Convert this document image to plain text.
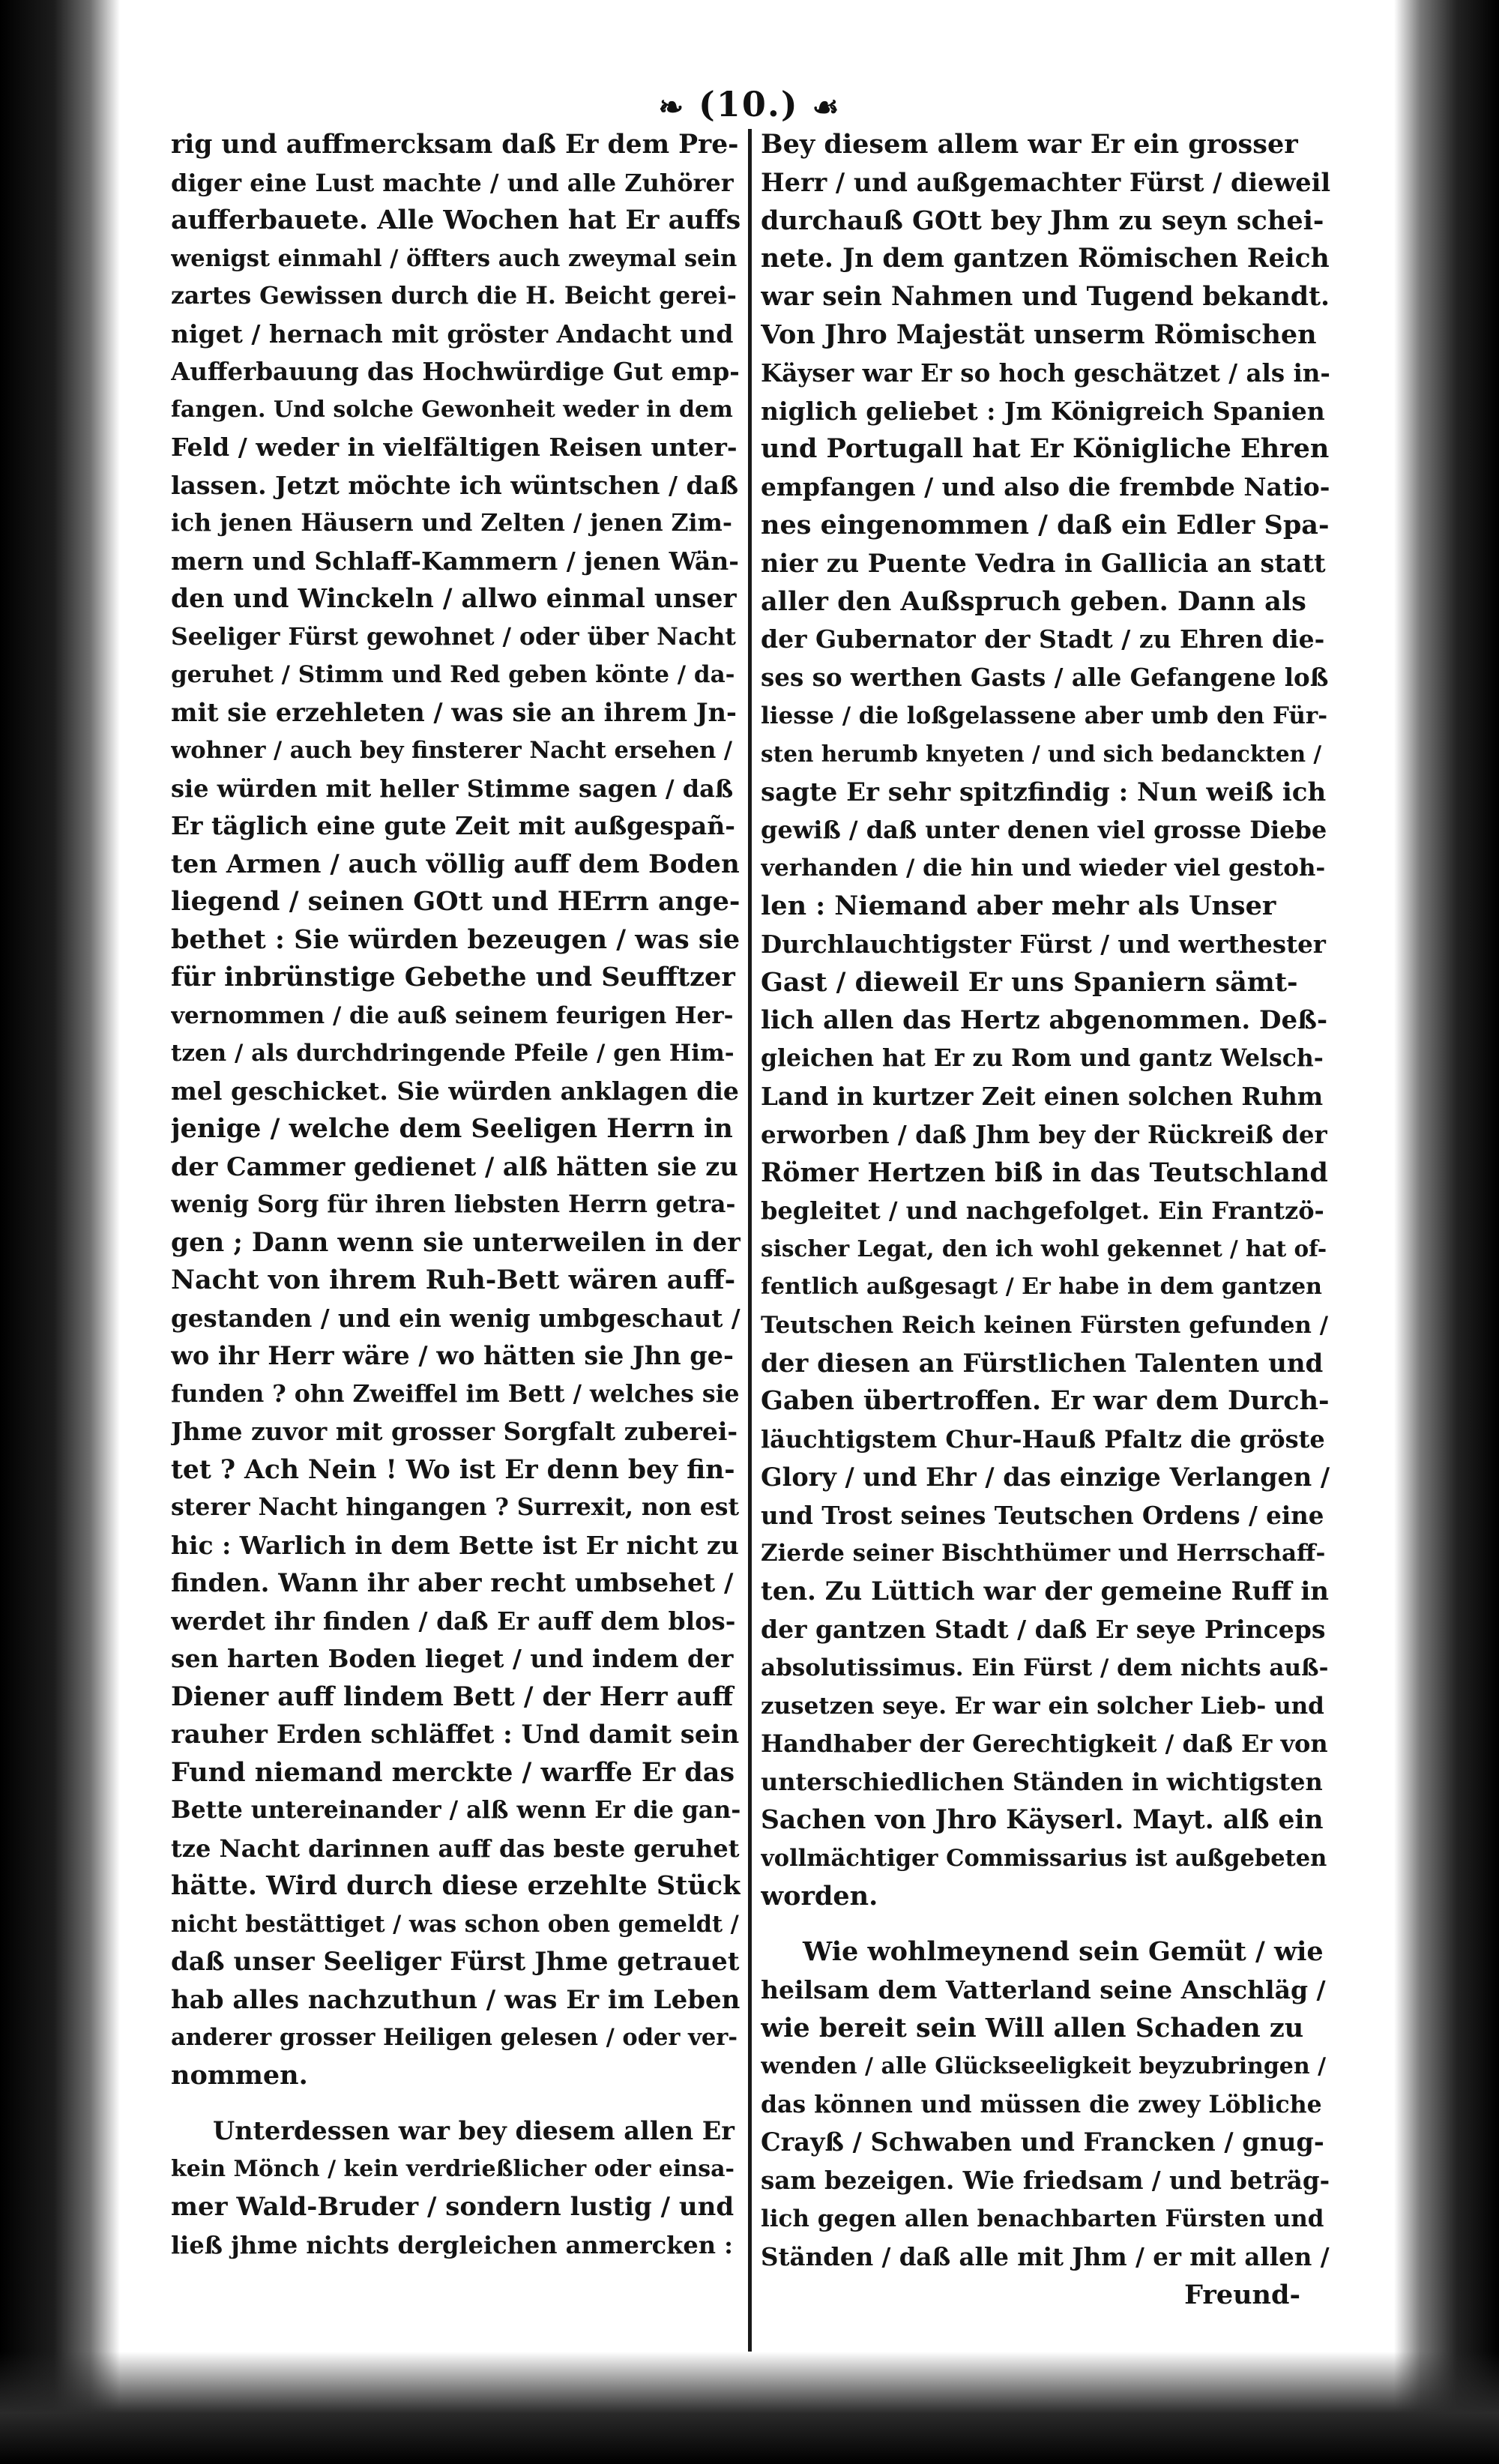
❧ (10.) ☙
rig und auffmercksam daß Er dem Pre-
diger eine Lust machte / und alle Zuhörer
aufferbauete. Alle Wochen hat Er auffs
wenigst einmahl / öffters auch zweymal sein
zartes Gewissen durch die H. Beicht gerei-
niget / hernach mit gröster Andacht und
Aufferbauung das Hochwürdige Gut emp-
fangen. Und solche Gewonheit weder in dem
Feld / weder in vielfältigen Reisen unter-
lassen. Jetzt möchte ich wüntschen / daß
ich jenen Häusern und Zelten / jenen Zim-
mern und Schlaff-Kammern / jenen Wän-
den und Winckeln / allwo einmal unser
Seeliger Fürst gewohnet / oder über Nacht
geruhet / Stimm und Red geben könte / da-
mit sie erzehleten / was sie an ihrem Jn-
wohner / auch bey finsterer Nacht ersehen /
sie würden mit heller Stimme sagen / daß
Er täglich eine gute Zeit mit außgespañ-
ten Armen / auch völlig auff dem Boden
liegend / seinen GOtt und HErrn ange-
bethet : Sie würden bezeugen / was sie
für inbrünstige Gebethe und Seufftzer
vernommen / die auß seinem feurigen Her-
tzen / als durchdringende Pfeile / gen Him-
mel geschicket. Sie würden anklagen die
jenige / welche dem Seeligen Herrn in
der Cammer gedienet / alß hätten sie zu
wenig Sorg für ihren liebsten Herrn getra-
gen ; Dann wenn sie unterweilen in der
Nacht von ihrem Ruh-Bett wären auff-
gestanden / und ein wenig umbgeschaut /
wo ihr Herr wäre / wo hätten sie Jhn ge-
funden ? ohn Zweiffel im Bett / welches sie
Jhme zuvor mit grosser Sorgfalt zuberei-
tet ? Ach Nein ! Wo ist Er denn bey fin-
sterer Nacht hingangen ? Surrexit, non est
hic : Warlich in dem Bette ist Er nicht zu
finden. Wann ihr aber recht umbsehet /
werdet ihr finden / daß Er auff dem blos-
sen harten Boden lieget / und indem der
Diener auff lindem Bett / der Herr auff
rauher Erden schläffet : Und damit sein
Fund niemand merckte / warffe Er das
Bette untereinander / alß wenn Er die gan-
tze Nacht darinnen auff das beste geruhet
hätte. Wird durch diese erzehlte Stück
nicht bestättiget / was schon oben gemeldt /
daß unser Seeliger Fürst Jhme getrauet
hab alles nachzuthun / was Er im Leben
anderer grosser Heiligen gelesen / oder ver-
nommen.
Unterdessen war bey diesem allen Er
kein Mönch / kein verdrießlicher oder einsa-
mer Wald-Bruder / sondern lustig / und
ließ jhme nichts dergleichen anmercken :
Bey diesem allem war Er ein grosser
Herr / und außgemachter Fürst / dieweil
durchauß GOtt bey Jhm zu seyn schei-
nete. Jn dem gantzen Römischen Reich
war sein Nahmen und Tugend bekandt.
Von Jhro Majestät unserm Römischen
Käyser war Er so hoch geschätzet / als in-
niglich geliebet : Jm Königreich Spanien
und Portugall hat Er Königliche Ehren
empfangen / und also die frembde Natio-
nes eingenommen / daß ein Edler Spa-
nier zu Puente Vedra in Gallicia an statt
aller den Außspruch geben. Dann als
der Gubernator der Stadt / zu Ehren die-
ses so werthen Gasts / alle Gefangene loß
liesse / die loßgelassene aber umb den Für-
sten herumb knyeten / und sich bedanckten /
sagte Er sehr spitzfindig : Nun weiß ich
gewiß / daß unter denen viel grosse Diebe
verhanden / die hin und wieder viel gestoh-
len : Niemand aber mehr als Unser
Durchlauchtigster Fürst / und werthester
Gast / dieweil Er uns Spaniern sämt-
lich allen das Hertz abgenommen. Deß-
gleichen hat Er zu Rom und gantz Welsch-
Land in kurtzer Zeit einen solchen Ruhm
erworben / daß Jhm bey der Rückreiß der
Römer Hertzen biß in das Teutschland
begleitet / und nachgefolget. Ein Frantzö-
sischer Legat, den ich wohl gekennet / hat of-
fentlich außgesagt / Er habe in dem gantzen
Teutschen Reich keinen Fürsten gefunden /
der diesen an Fürstlichen Talenten und
Gaben übertroffen. Er war dem Durch-
läuchtigstem Chur-Hauß Pfaltz die gröste
Glory / und Ehr / das einzige Verlangen /
und Trost seines Teutschen Ordens / eine
Zierde seiner Bischthümer und Herrschaff-
ten. Zu Lüttich war der gemeine Ruff in
der gantzen Stadt / daß Er seye Princeps
absolutissimus. Ein Fürst / dem nichts auß-
zusetzen seye. Er war ein solcher Lieb- und
Handhaber der Gerechtigkeit / daß Er von
unterschiedlichen Ständen in wichtigsten
Sachen von Jhro Käyserl. Mayt. alß ein
vollmächtiger Commissarius ist außgebeten
worden.
Wie wohlmeynend sein Gemüt / wie
heilsam dem Vatterland seine Anschläg /
wie bereit sein Will allen Schaden zu
wenden / alle Glückseeligkeit beyzubringen /
das können und müssen die zwey Löbliche
Crayß / Schwaben und Francken / gnug-
sam bezeigen. Wie friedsam / und beträg-
lich gegen allen benachbarten Fürsten und
Ständen / daß alle mit Jhm / er mit allen /
Freund-
